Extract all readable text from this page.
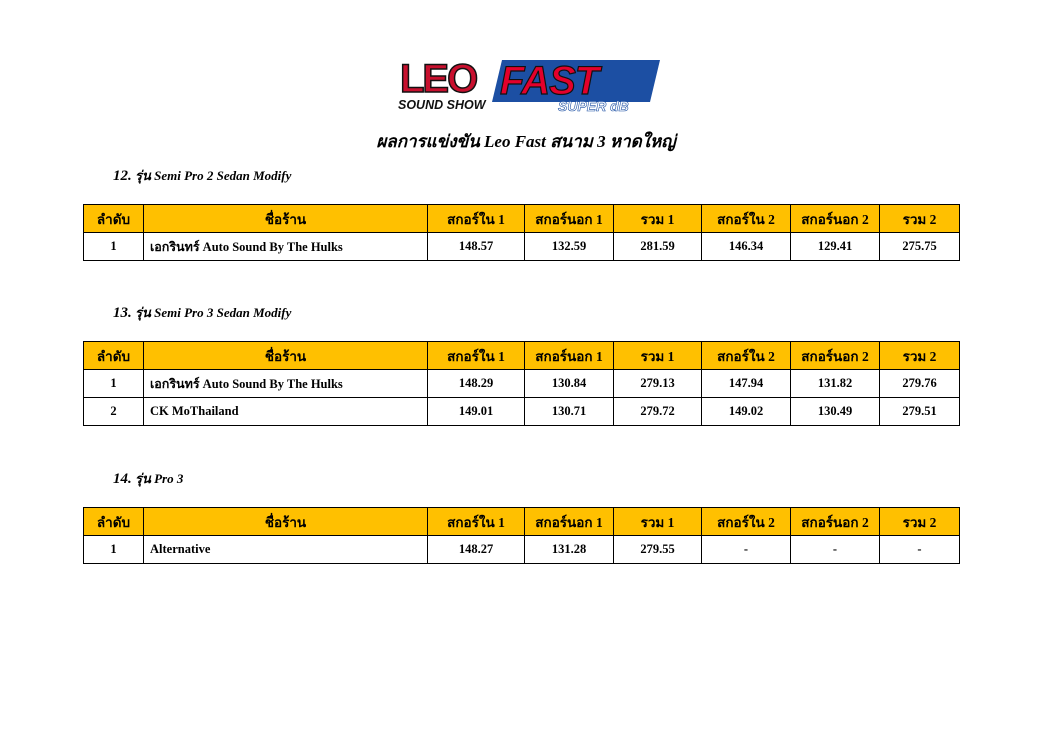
LEO
SOUND SHOW
FAST
SUPER dB
ผลการแข่งขัน Leo Fast สนาม 3 หาดใหญ่
12. รุ่น Semi Pro 2 Sedan Modify
ลำดับ	ชื่อร้าน	สกอร์ใน 1	สกอร์นอก 1	รวม 1	สกอร์ใน 2	สกอร์นอก 2	รวม 2
1	เอกรินทร์ Auto Sound By The Hulks	148.57	132.59	281.59	146.34	129.41	275.75
13. รุ่น Semi Pro 3 Sedan Modify
ลำดับ	ชื่อร้าน	สกอร์ใน 1	สกอร์นอก 1	รวม 1	สกอร์ใน 2	สกอร์นอก 2	รวม 2
1	เอกรินทร์ Auto Sound By The Hulks	148.29	130.84	279.13	147.94	131.82	279.76
2	CK MoThailand	149.01	130.71	279.72	149.02	130.49	279.51
14. รุ่น Pro 3
ลำดับ	ชื่อร้าน	สกอร์ใน 1	สกอร์นอก 1	รวม 1	สกอร์ใน 2	สกอร์นอก 2	รวม 2
1	Alternative	148.27	131.28	279.55	-	-	-
